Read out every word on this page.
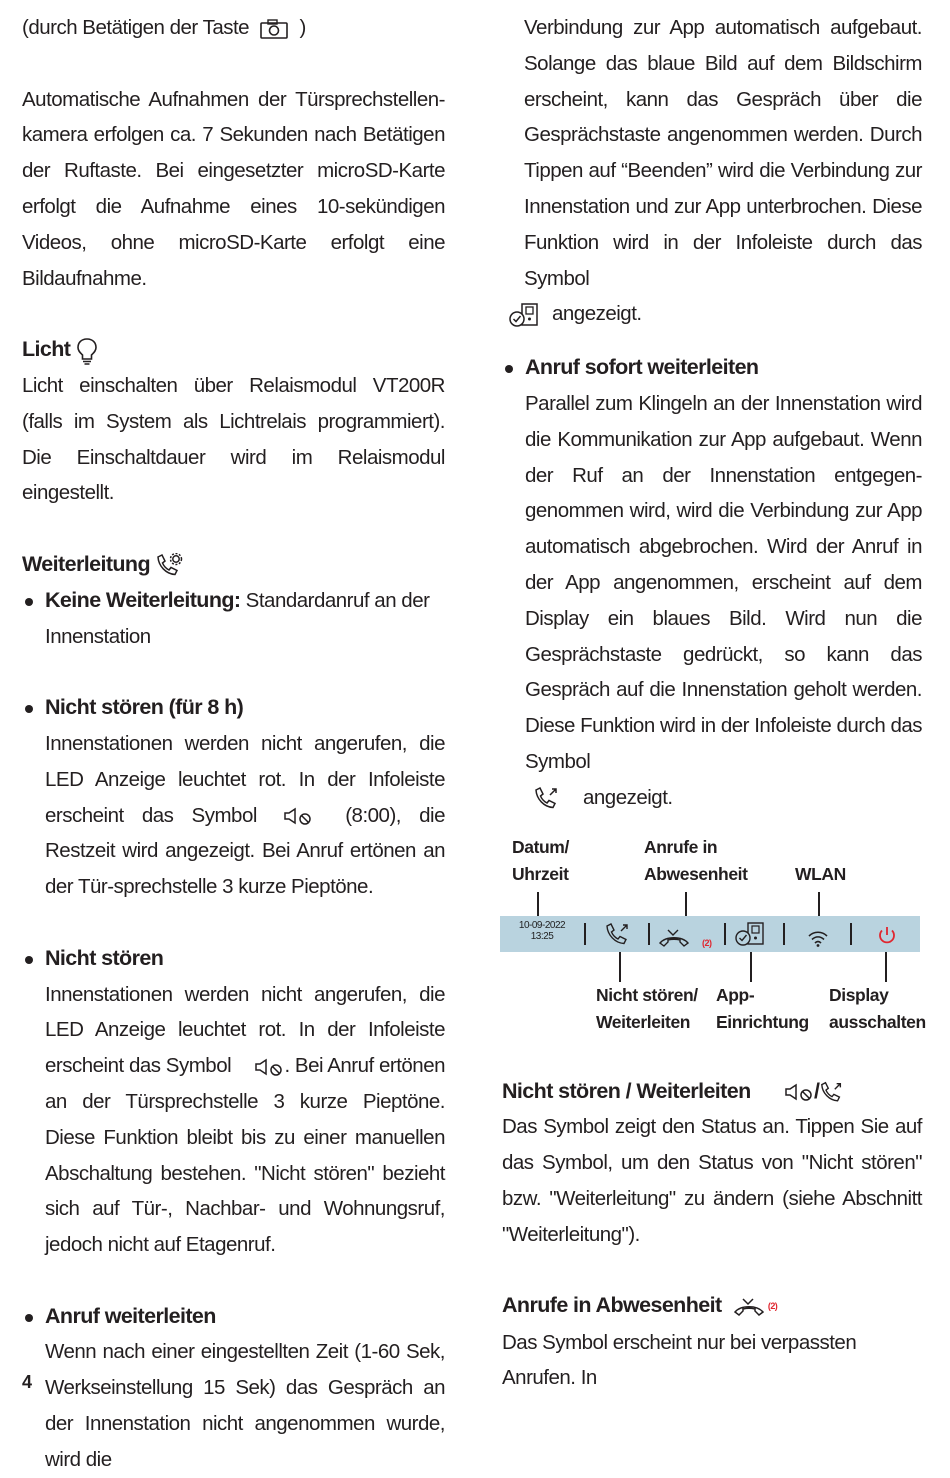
(durch Betätigen der Taste )

Automatische Aufnahmen der Türsprechstellen-kamera erfolgen ca. 7 Sekunden nach Betätigen der Ruftaste. Bei eingesetzter microSD-Karte erfolgt die Aufnahme eines 10-sekündigen Videos, ohne microSD-Karte erfolgt eine Bildaufnahme.

Licht

Licht einschalten über Relaismodul VT200R (falls im System als Lichtrelais programmiert). Die Einschaltdauer wird im Relaismodul eingestellt.

Weiterleitung
Keine Weiterleitung: Standardanruf an der Innenstation
Nicht stören (für 8 h)

Innenstationen werden nicht angerufen, die LED Anzeige leuchtet rot. In der Infoleiste erscheint das Symbol	(8:00), die Restzeit wird angezeigt. Bei Anruf ertönen an der Tür-sprechstelle 3 kurze Pieptöne.

Nicht stören

Innenstationen werden nicht angerufen, die LED Anzeige leuchtet rot. In der Infoleiste erscheint das Symbol	. Bei Anruf ertönen an der Türsprechstelle 3 kurze Pieptöne. Diese Funktion bleibt bis zu einer manuellen Abschaltung bestehen. "Nicht stören" bezieht sich auf Tür-, Nachbar- und Wohnungsruf, jedoch nicht auf Etagenruf.

Anruf weiterleiten

Wenn nach einer eingestellten Zeit (1-60 Sek, Werkseinstellung 15 Sek) das Gespräch an der Innenstation nicht angenommen wurde, wird die

Verbindung zur App automatisch aufgebaut. Solange das blaue Bild auf dem Bildschirm erscheint, kann das Gespräch über die Gesprächstaste angenommen werden. Durch Tippen auf “Beenden” wird die Verbindung zur Innenstation und zur App unterbrochen. Diese Funktion wird in der Infoleiste durch das Symbol

angezeigt.

Anruf sofort weiterleiten

Parallel zum Klingeln an der Innenstation wird die Kommunikation zur App aufgebaut. Wenn der Ruf an der Innenstation entgegen-genommen wird, wird die Verbindung zur App automatisch abgebrochen. Wird der Anruf in der App angenommen, erscheint auf dem Display ein blaues Bild. Wird nun die Gesprächstaste gedrückt, so kann das Gespräch auf die Innenstation geholt werden. Diese Funktion wird in der Infoleiste durch das Symbol

angezeigt.

Datum/
Uhrzeit
Anrufe in
Abwesenheit	WLAN
10-09-2022
13:25
(2)
Nicht stören/
Weiterleiten
App-
Einrichtung
Display
ausschalten
Nicht stören / Weiterleiten	/

Das Symbol zeigt den Status an. Tippen Sie auf das Symbol, um den Status von "Nicht stören" bzw. "Weiterleitung" zu ändern (siehe Abschnitt "Weiterleitung").

Anrufe in Abwesenheit	(2)

Das Symbol erscheint nur bei verpassten Anrufen. In

4
